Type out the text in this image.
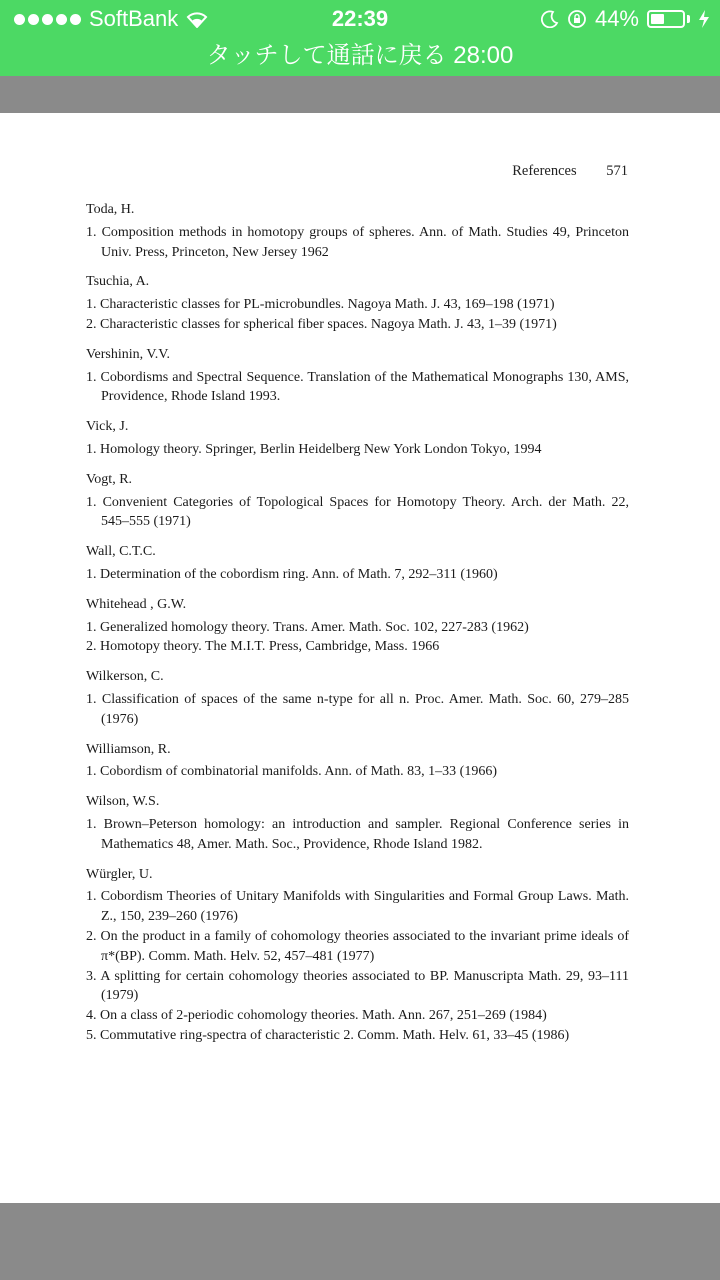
SoftBank	22:39	44%
タッチして通話に戻る 28:00
References 571
Toda, H.
1. Composition methods in homotopy groups of spheres. Ann. of Math. Studies 49, Princeton Univ. Press, Princeton, New Jersey 1962
Tsuchia, A.
1. Characteristic classes for PL-microbundles. Nagoya Math. J. 43, 169–198 (1971)
2. Characteristic classes for spherical fiber spaces. Nagoya Math. J. 43, 1–39 (1971)
Vershinin, V.V.
1. Cobordisms and Spectral Sequence. Translation of the Mathematical Monographs 130, AMS, Providence, Rhode Island 1993.
Vick, J.
1. Homology theory. Springer, Berlin Heidelberg New York London Tokyo, 1994
Vogt, R.
1. Convenient Categories of Topological Spaces for Homotopy Theory. Arch. der Math. 22, 545–555 (1971)
Wall, C.T.C.
1. Determination of the cobordism ring. Ann. of Math. 7, 292–311 (1960)
Whitehead , G.W.
1. Generalized homology theory. Trans. Amer. Math. Soc. 102, 227-283 (1962)
2. Homotopy theory. The M.I.T. Press, Cambridge, Mass. 1966
Wilkerson, C.
1. Classification of spaces of the same n-type for all n. Proc. Amer. Math. Soc. 60, 279–285 (1976)
Williamson, R.
1. Cobordism of combinatorial manifolds. Ann. of Math. 83, 1–33 (1966)
Wilson, W.S.
1. Brown–Peterson homology: an introduction and sampler. Regional Conference series in Mathematics 48, Amer. Math. Soc., Providence, Rhode Island 1982.
Würgler, U.
1. Cobordism Theories of Unitary Manifolds with Singularities and Formal Group Laws. Math. Z., 150, 239–260 (1976)
2. On the product in a family of cohomology theories associated to the invariant prime ideals of π*(BP). Comm. Math. Helv. 52, 457–481 (1977)
3. A splitting for certain cohomology theories associated to BP. Manuscripta Math. 29, 93–111 (1979)
4. On a class of 2-periodic cohomology theories. Math. Ann. 267, 251–269 (1984)
5. Commutative ring-spectra of characteristic 2. Comm. Math. Helv. 61, 33–45 (1986)
